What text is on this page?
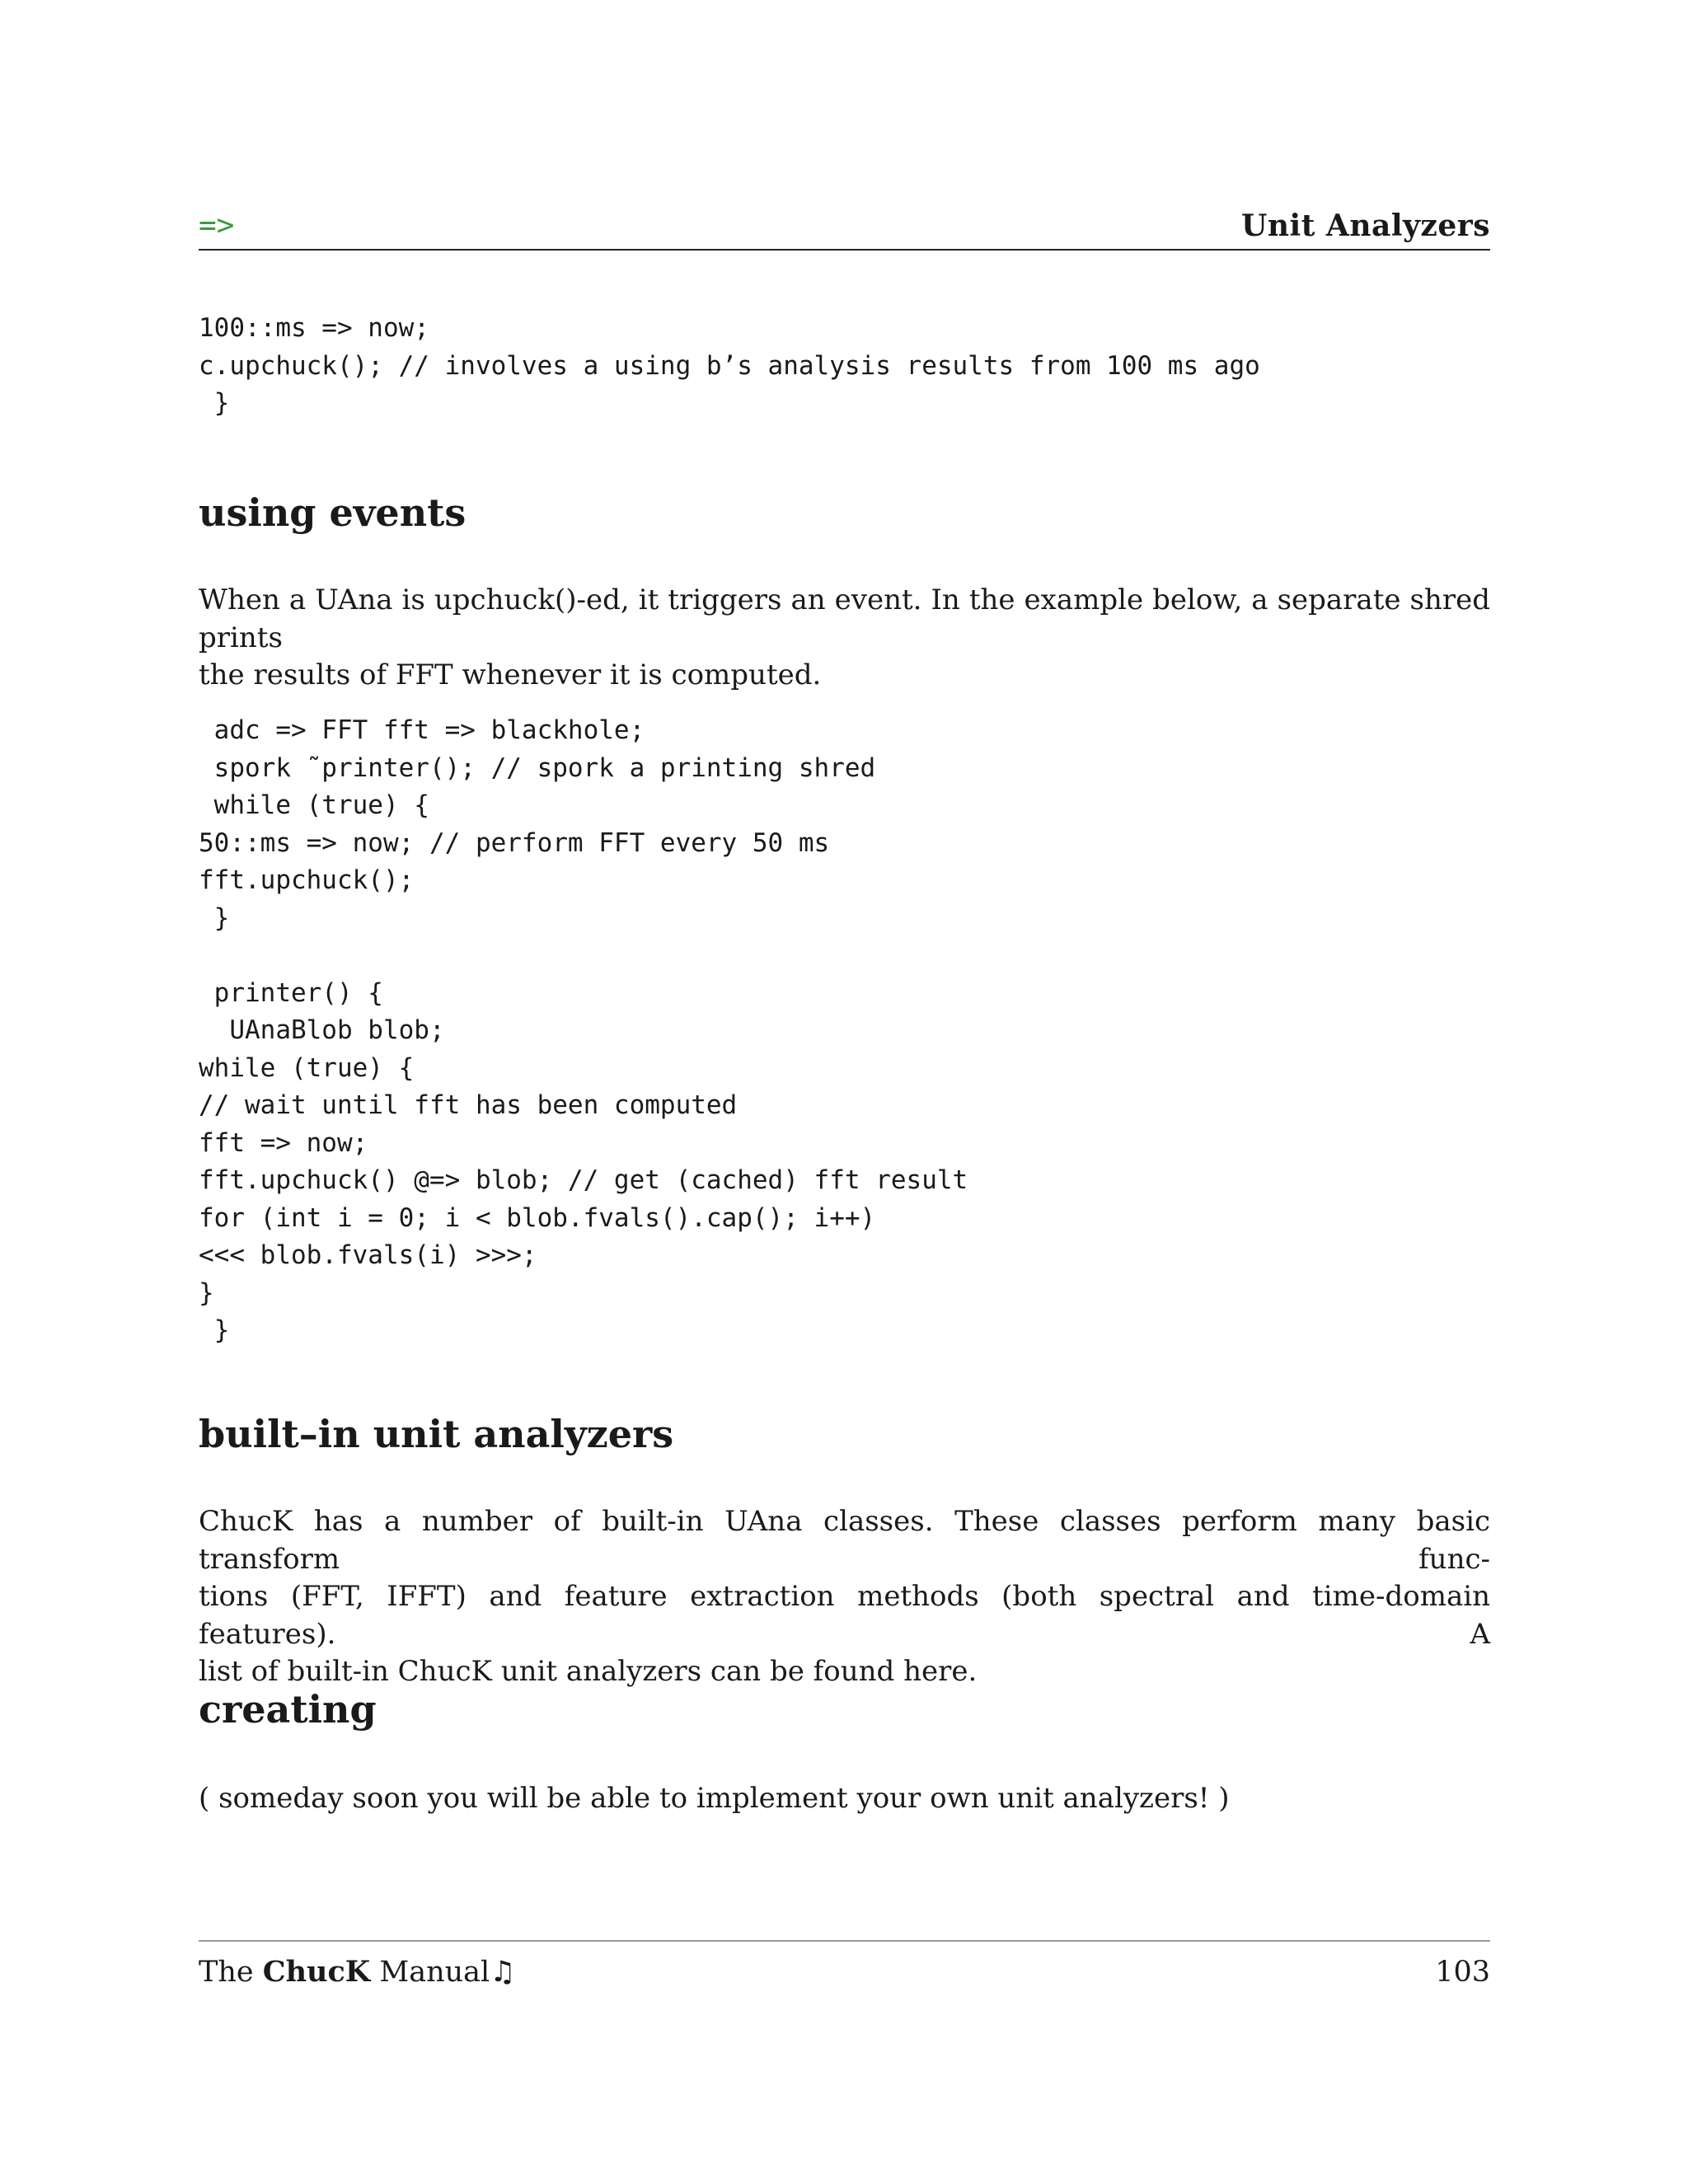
=>	Unit Analyzers
100::ms => now;
c.upchuck(); // involves a using b’s analysis results from 100 ms ago
}
using events
When a UAna is upchuck()-ed, it triggers an event. In the example below, a separate shred prints
the results of FFT whenever it is computed.
adc => FFT fft => blackhole;
spork ˜printer(); // spork a printing shred
while (true) {
50::ms => now; // perform FFT every 50 ms
fft.upchuck();
}
printer() {
UAnaBlob blob;
while (true) {
// wait until fft has been computed
fft => now;
fft.upchuck() @=> blob; // get (cached) fft result
for (int i = 0; i < blob.fvals().cap(); i++)
<<< blob.fvals(i) >>>;
}
}
built–in unit analyzers
ChucK has a number of built-in UAna classes. These classes perform many basic transform func-
tions (FFT, IFFT) and feature extraction methods (both spectral and time-domain features). A
list of built-in ChucK unit analyzers can be found here.
creating
( someday soon you will be able to implement your own unit analyzers! )
The ChucK Manual♫	103
